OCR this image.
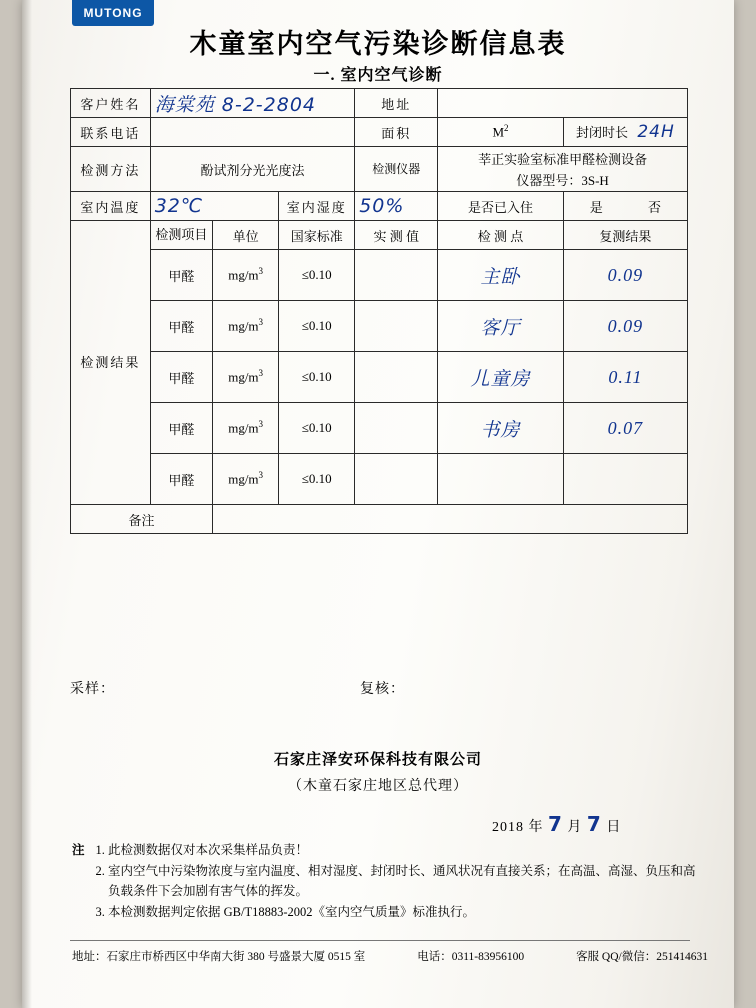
MUTONG
木童室内空气污染诊断信息表
一. 室内空气诊断
客户姓名	海棠苑 8-2-2804			地址		
联系电话				面积	$M^2$	封闭时长 24H
检测方法	酚试剂分光光度法			检测仪器	莘正实验室标准甲醛检测设备
仪器型号：3S-H	

室内温度	32℃		室内湿度	50%	是否已入住	是 否
检测结果	检测项目	单位	国家标准	实 测 值	检 测 点	复测结果
	甲醛	$mg/m^3$	≤0.10		主卧	0.09
	甲醛	$mg/m^3$	≤0.10		客厅	0.09
	甲醛	$mg/m^3$	≤0.10		儿童房	0.11
	甲醛	$mg/m^3$	≤0.10		书房	0.07
	甲醛	$mg/m^3$	≤0.10			
备注						
采样：	复核：
石家庄泽安环保科技有限公司
（木童石家庄地区总代理）
2018 年 7 月 7 日
注 1. 此检测数据仅对本次采集样品负责！
2. 室内空气中污染物浓度与室内温度、相对湿度、封闭时长、通风状况有直接关系；在高温、高湿、负压和高负载条件下会加剧有害气体的挥发。
3. 本检测数据判定依据 GB/T18883-2002《室内空气质量》标准执行。
地址：石家庄市桥西区中华南大街 380 号盛景大厦 0515 室	电话：0311-83956100	客服 QQ/微信：251414631
